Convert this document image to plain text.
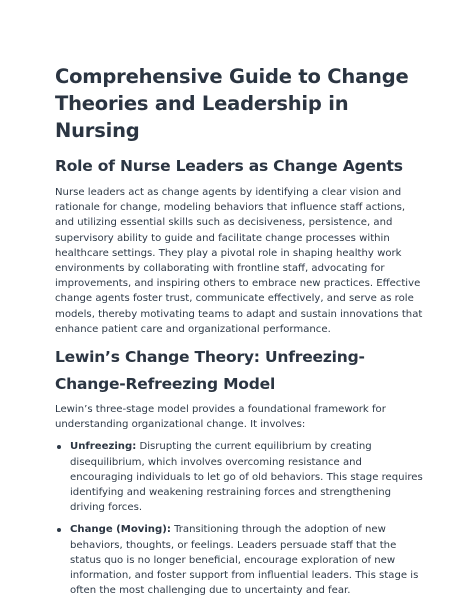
Comprehensive Guide to Change Theories and Leadership in Nursing
Role of Nurse Leaders as Change Agents

Nurse leaders act as change agents by identifying a clear vision and rationale for change, modeling behaviors that influence staff actions, and utilizing essential skills such as decisiveness, persistence, and supervisory ability to guide and facilitate change processes within healthcare settings. They play a pivotal role in shaping healthy work environments by collaborating with frontline staff, advocating for improvements, and inspiring others to embrace new practices. Effective change agents foster trust, communicate effectively, and serve as role models, thereby motivating teams to adapt and sustain innovations that enhance patient care and organizational performance.

Lewin’s Change Theory: Unfreezing-Change-Refreezing Model

Lewin’s three-stage model provides a foundational framework for understanding organizational change. It involves:

Unfreezing: Disrupting the current equilibrium by creating disequilibrium, which involves overcoming resistance and encouraging individuals to let go of old behaviors. This stage requires identifying and weakening restraining forces and strengthening driving forces.
Change (Moving): Transitioning through the adoption of new behaviors, thoughts, or feelings. Leaders persuade staff that the status quo is no longer beneficial, encourage exploration of new information, and foster support from influential leaders. This stage is often the most challenging due to uncertainty and fear.
